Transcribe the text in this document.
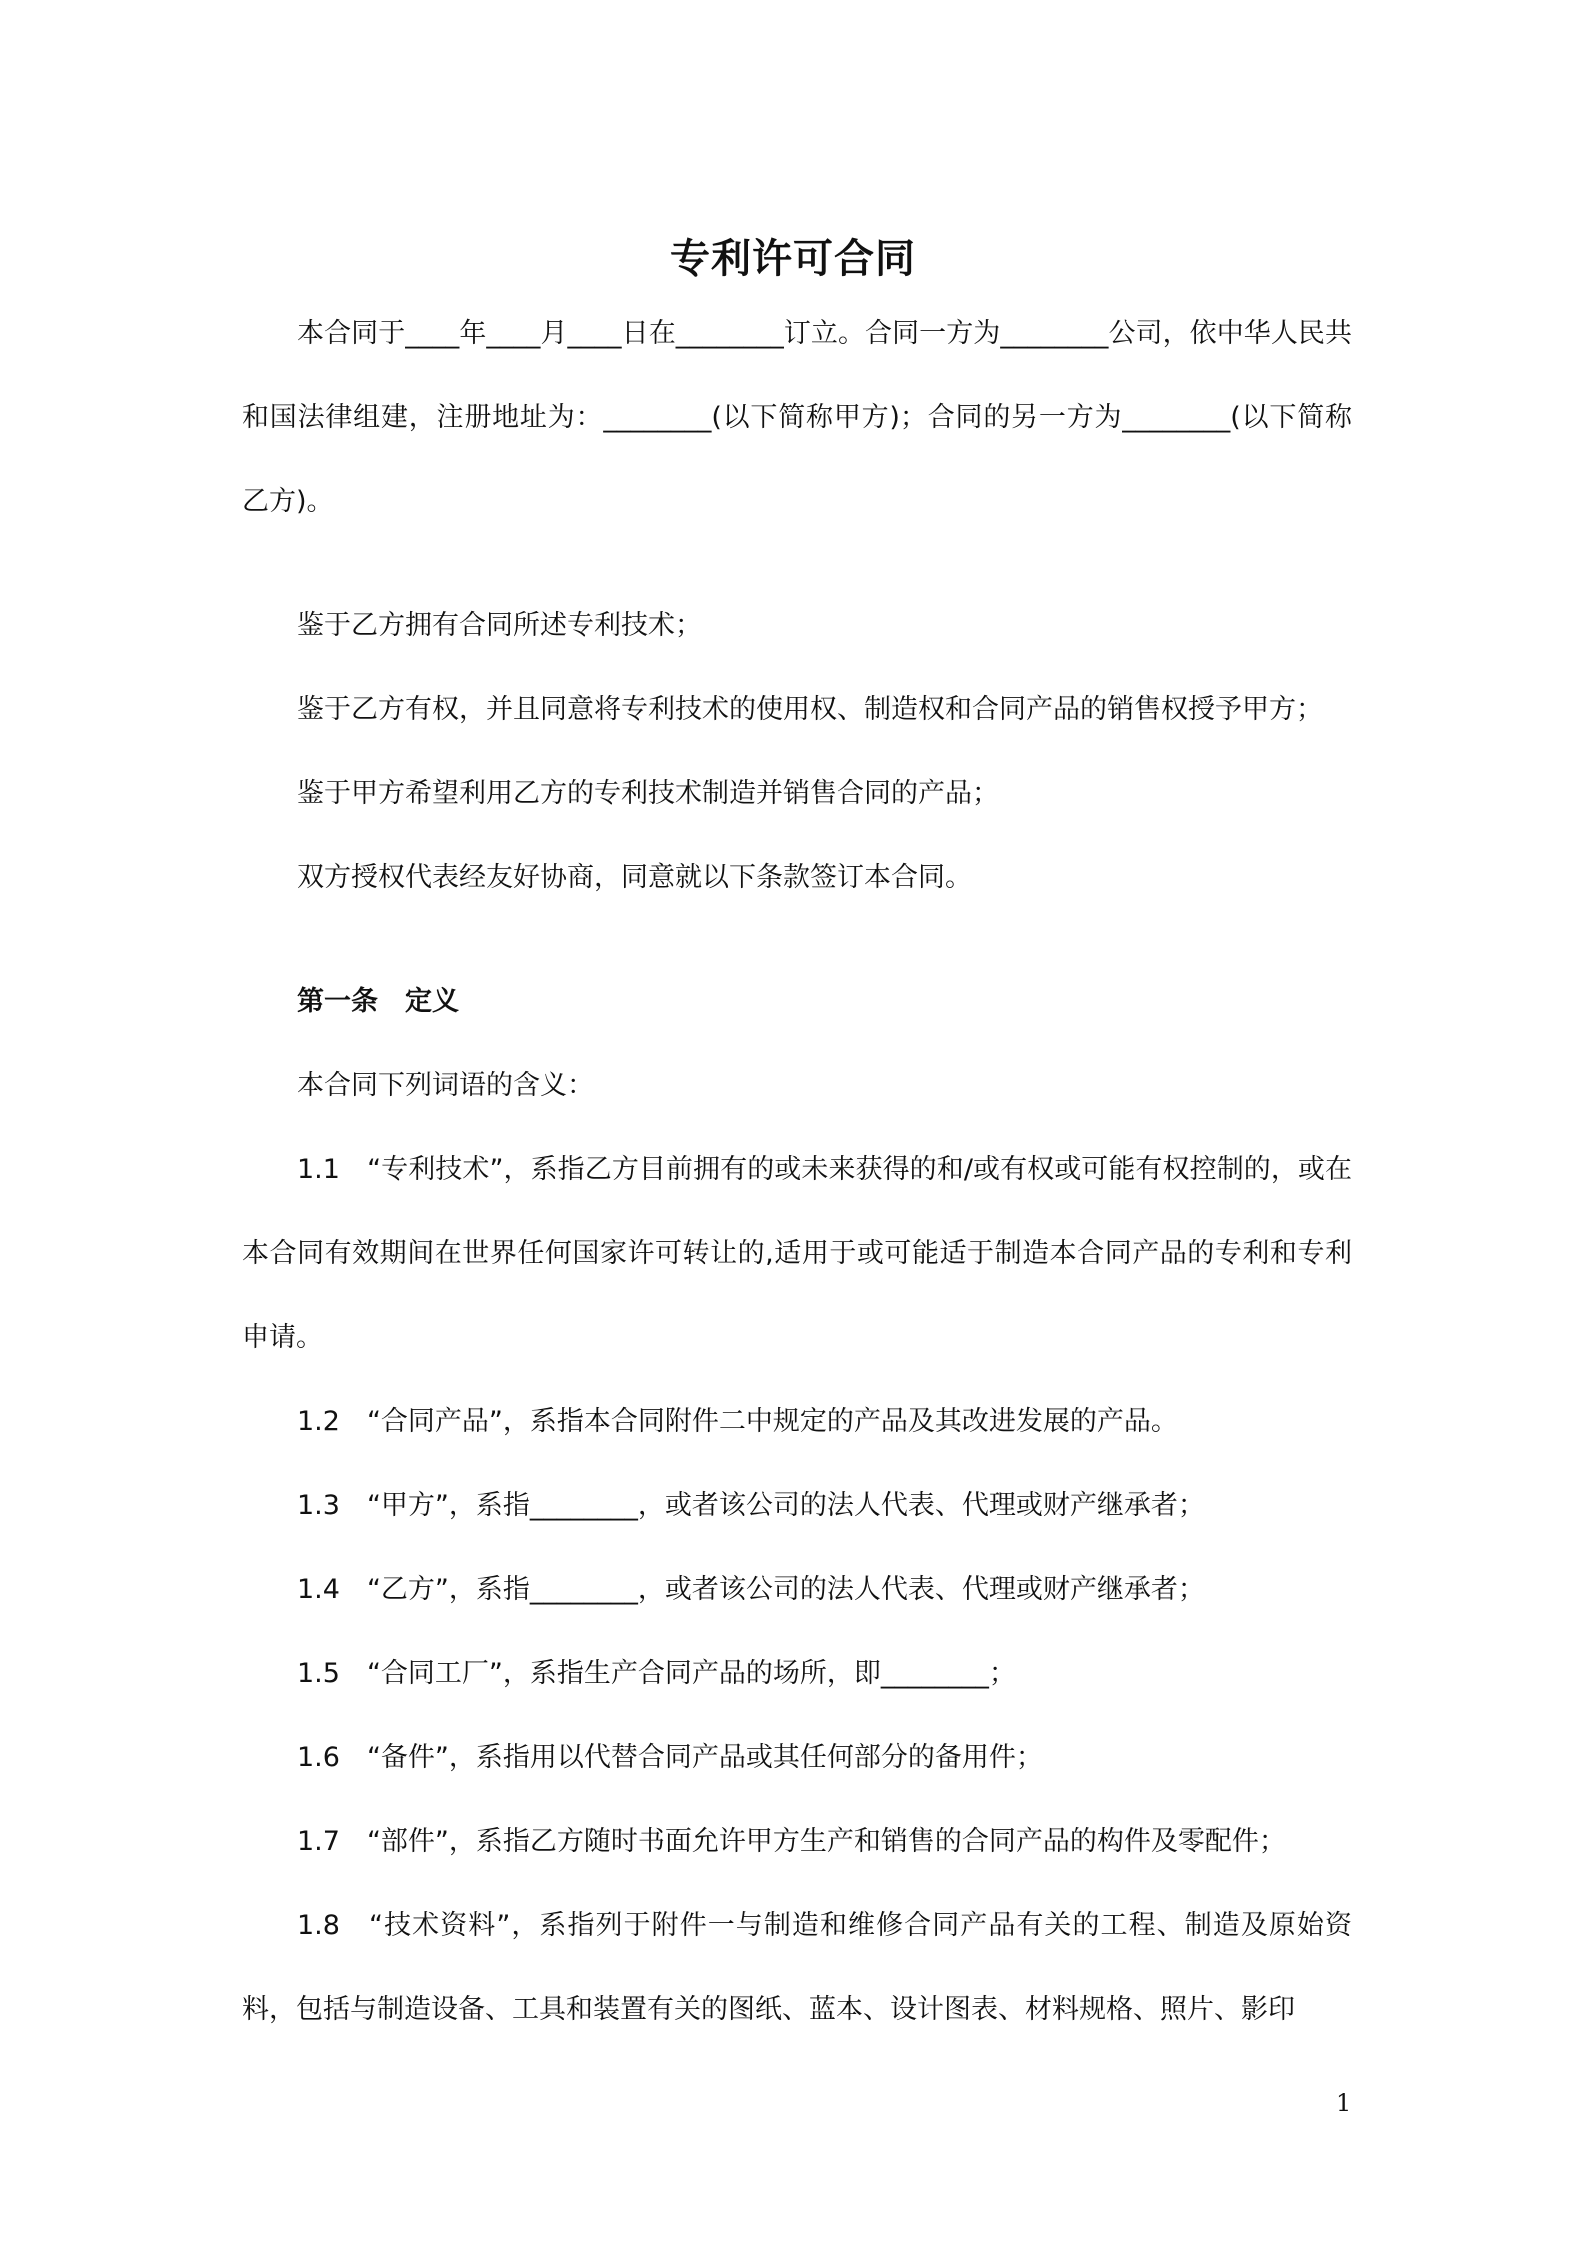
专利许可合同

本合同于____年____月____日在________订立。合同一方为________公司，依中华人民共和国法律组建，注册地址为：________(以下简称甲方)；合同的另一方为________(以下简称乙方)。

鉴于乙方拥有合同所述专利技术；

鉴于乙方有权，并且同意将专利技术的使用权、制造权和合同产品的销售权授予甲方；

鉴于甲方希望利用乙方的专利技术制造并销售合同的产品；

双方授权代表经友好协商，同意就以下条款签订本合同。

第一条　定义

本合同下列词语的含义：

1.1　“专利技术”，系指乙方目前拥有的或未来获得的和/或有权或可能有权控制的，或在本合同有效期间在世界任何国家许可转让的,适用于或可能适于制造本合同产品的专利和专利申请。

1.2　“合同产品”，系指本合同附件二中规定的产品及其改进发展的产品。

1.3　“甲方”，系指________，或者该公司的法人代表、代理或财产继承者；

1.4　“乙方”，系指________，或者该公司的法人代表、代理或财产继承者；

1.5　“合同工厂”，系指生产合同产品的场所，即________；

1.6　“备件”，系指用以代替合同产品或其任何部分的备用件；

1.7　“部件”，系指乙方随时书面允许甲方生产和销售的合同产品的构件及零配件；

1.8　“技术资料”，系指列于附件一与制造和维修合同产品有关的工程、制造及原始资料，包括与制造设备、工具和装置有关的图纸、蓝本、设计图表、材料规格、照片、影印

1
